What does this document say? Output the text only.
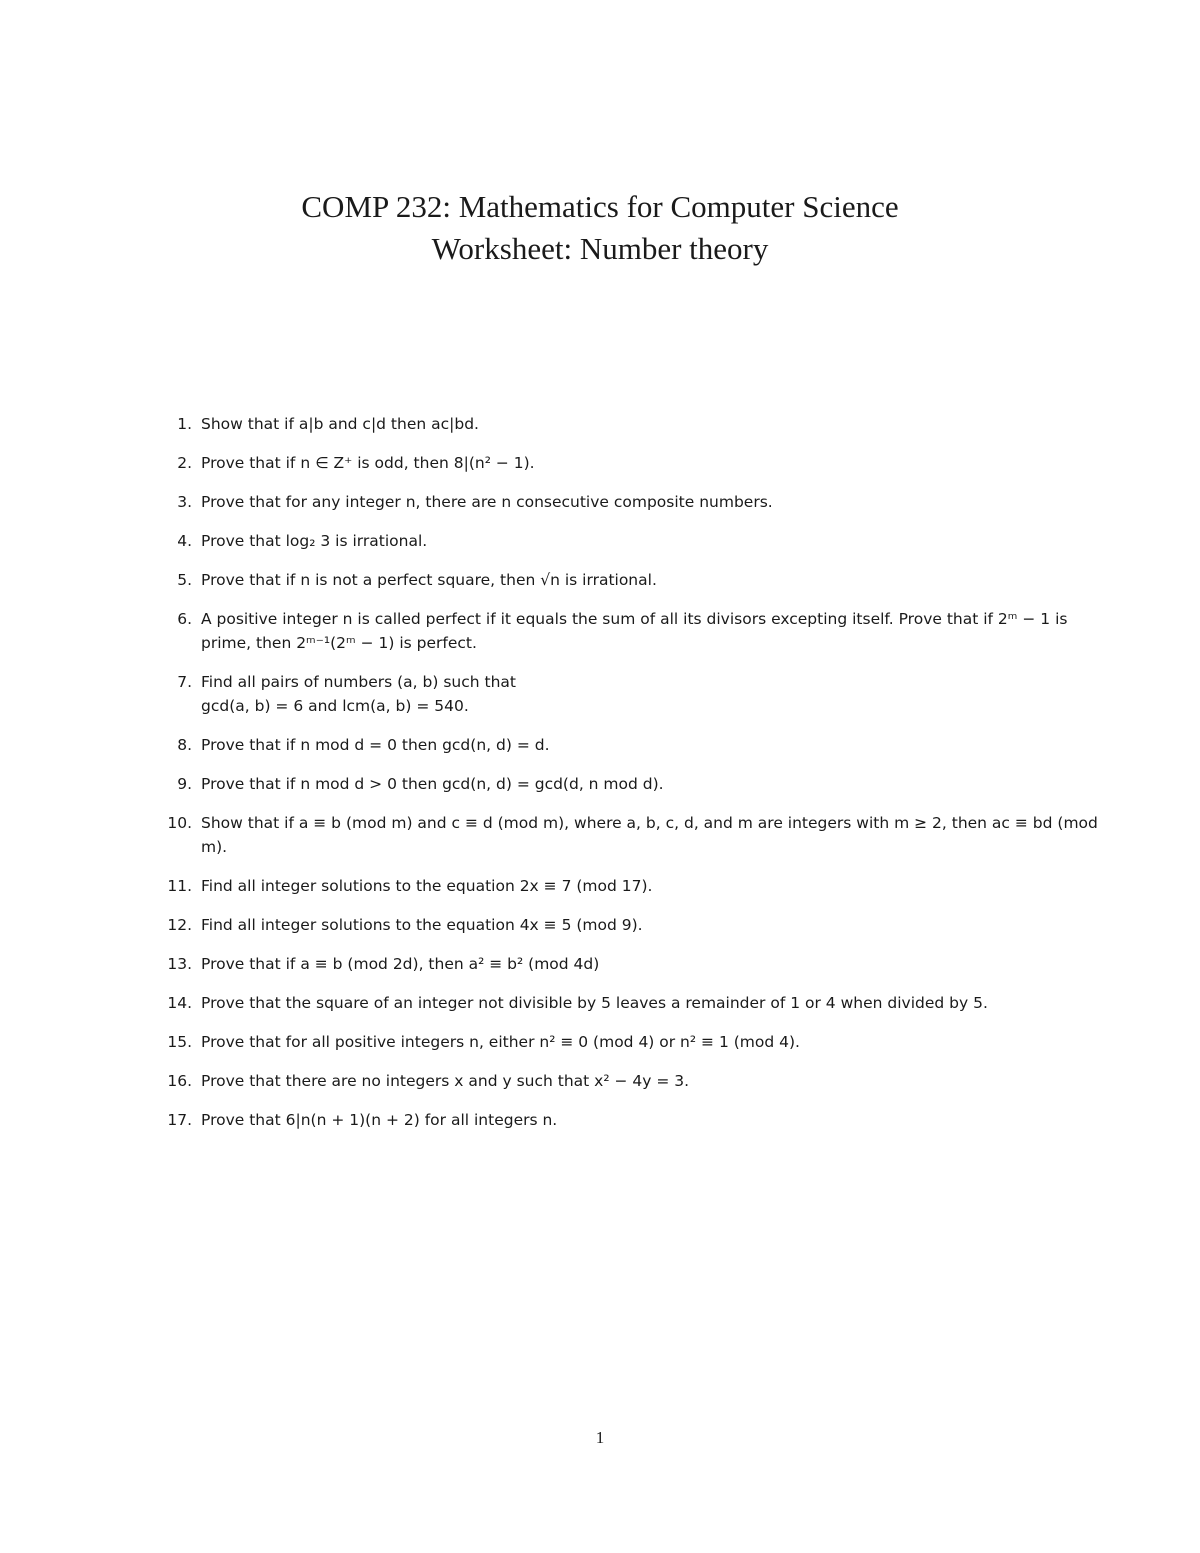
COMP 232: Mathematics for Computer Science
Worksheet: Number theory
1. Show that if a|b and c|d then ac|bd.
2. Prove that if n ∈ Z⁺ is odd, then 8|(n² − 1).
3. Prove that for any integer n, there are n consecutive composite numbers.
4. Prove that log₂ 3 is irrational.
5. Prove that if n is not a perfect square, then √n is irrational.
6. A positive integer n is called perfect if it equals the sum of all its divisors excepting itself. Prove that if 2ᵐ − 1 is prime, then 2ᵐ⁻¹(2ᵐ − 1) is perfect.
7. Find all pairs of numbers (a, b) such that
gcd(a, b) = 6 and lcm(a, b) = 540.
8. Prove that if n mod d = 0 then gcd(n, d) = d.
9. Prove that if n mod d > 0 then gcd(n, d) = gcd(d, n mod d).
10. Show that if a ≡ b (mod m) and c ≡ d (mod m), where a, b, c, d, and m are integers with m ≥ 2, then ac ≡ bd (mod m).
11. Find all integer solutions to the equation 2x ≡ 7 (mod 17).
12. Find all integer solutions to the equation 4x ≡ 5 (mod 9).
13. Prove that if a ≡ b (mod 2d), then a² ≡ b² (mod 4d)
14. Prove that the square of an integer not divisible by 5 leaves a remainder of 1 or 4 when divided by 5.
15. Prove that for all positive integers n, either n² ≡ 0 (mod 4) or n² ≡ 1 (mod 4).
16. Prove that there are no integers x and y such that x² − 4y = 3.
17. Prove that 6|n(n + 1)(n + 2) for all integers n.
1
